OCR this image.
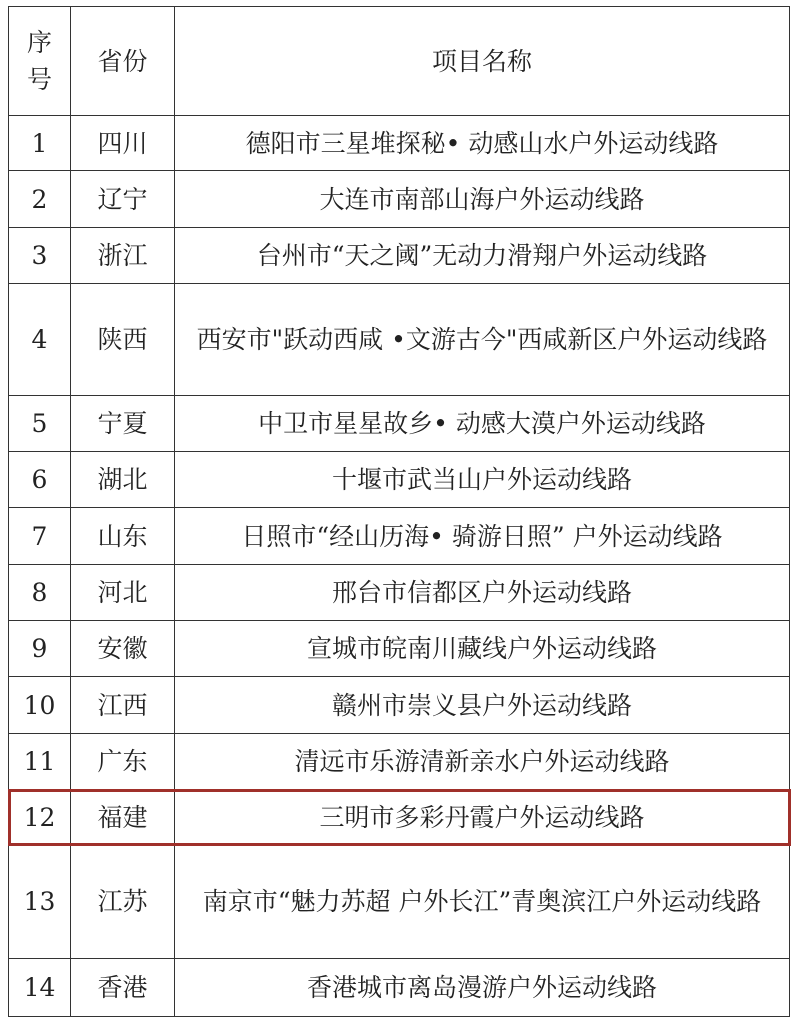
序
号	省份	项目名称
1	四川	德阳市三星堆探秘• 动感山水户外运动线路
2	辽宁	大连市南部山海户外运动线路
3	浙江	台州市“天之阈”无动力滑翔户外运动线路
4	陕西	西安市"跃动西咸 •文游古今"西咸新区户外运动线路
5	宁夏	中卫市星星故乡• 动感大漠户外运动线路
6	湖北	十堰市武当山户外运动线路
7	山东	日照市“经山历海• 骑游日照” 户外运动线路
8	河北	邢台市信都区户外运动线路
9	安徽	宣城市皖南川藏线户外运动线路
10	江西	赣州市崇义县户外运动线路
11	广东	清远市乐游清新亲水户外运动线路
12	福建	三明市多彩丹霞户外运动线路
13	江苏	南京市“魅力苏超 户外长江”青奥滨江户外运动线路
14	香港	香港城市离岛漫游户外运动线路
